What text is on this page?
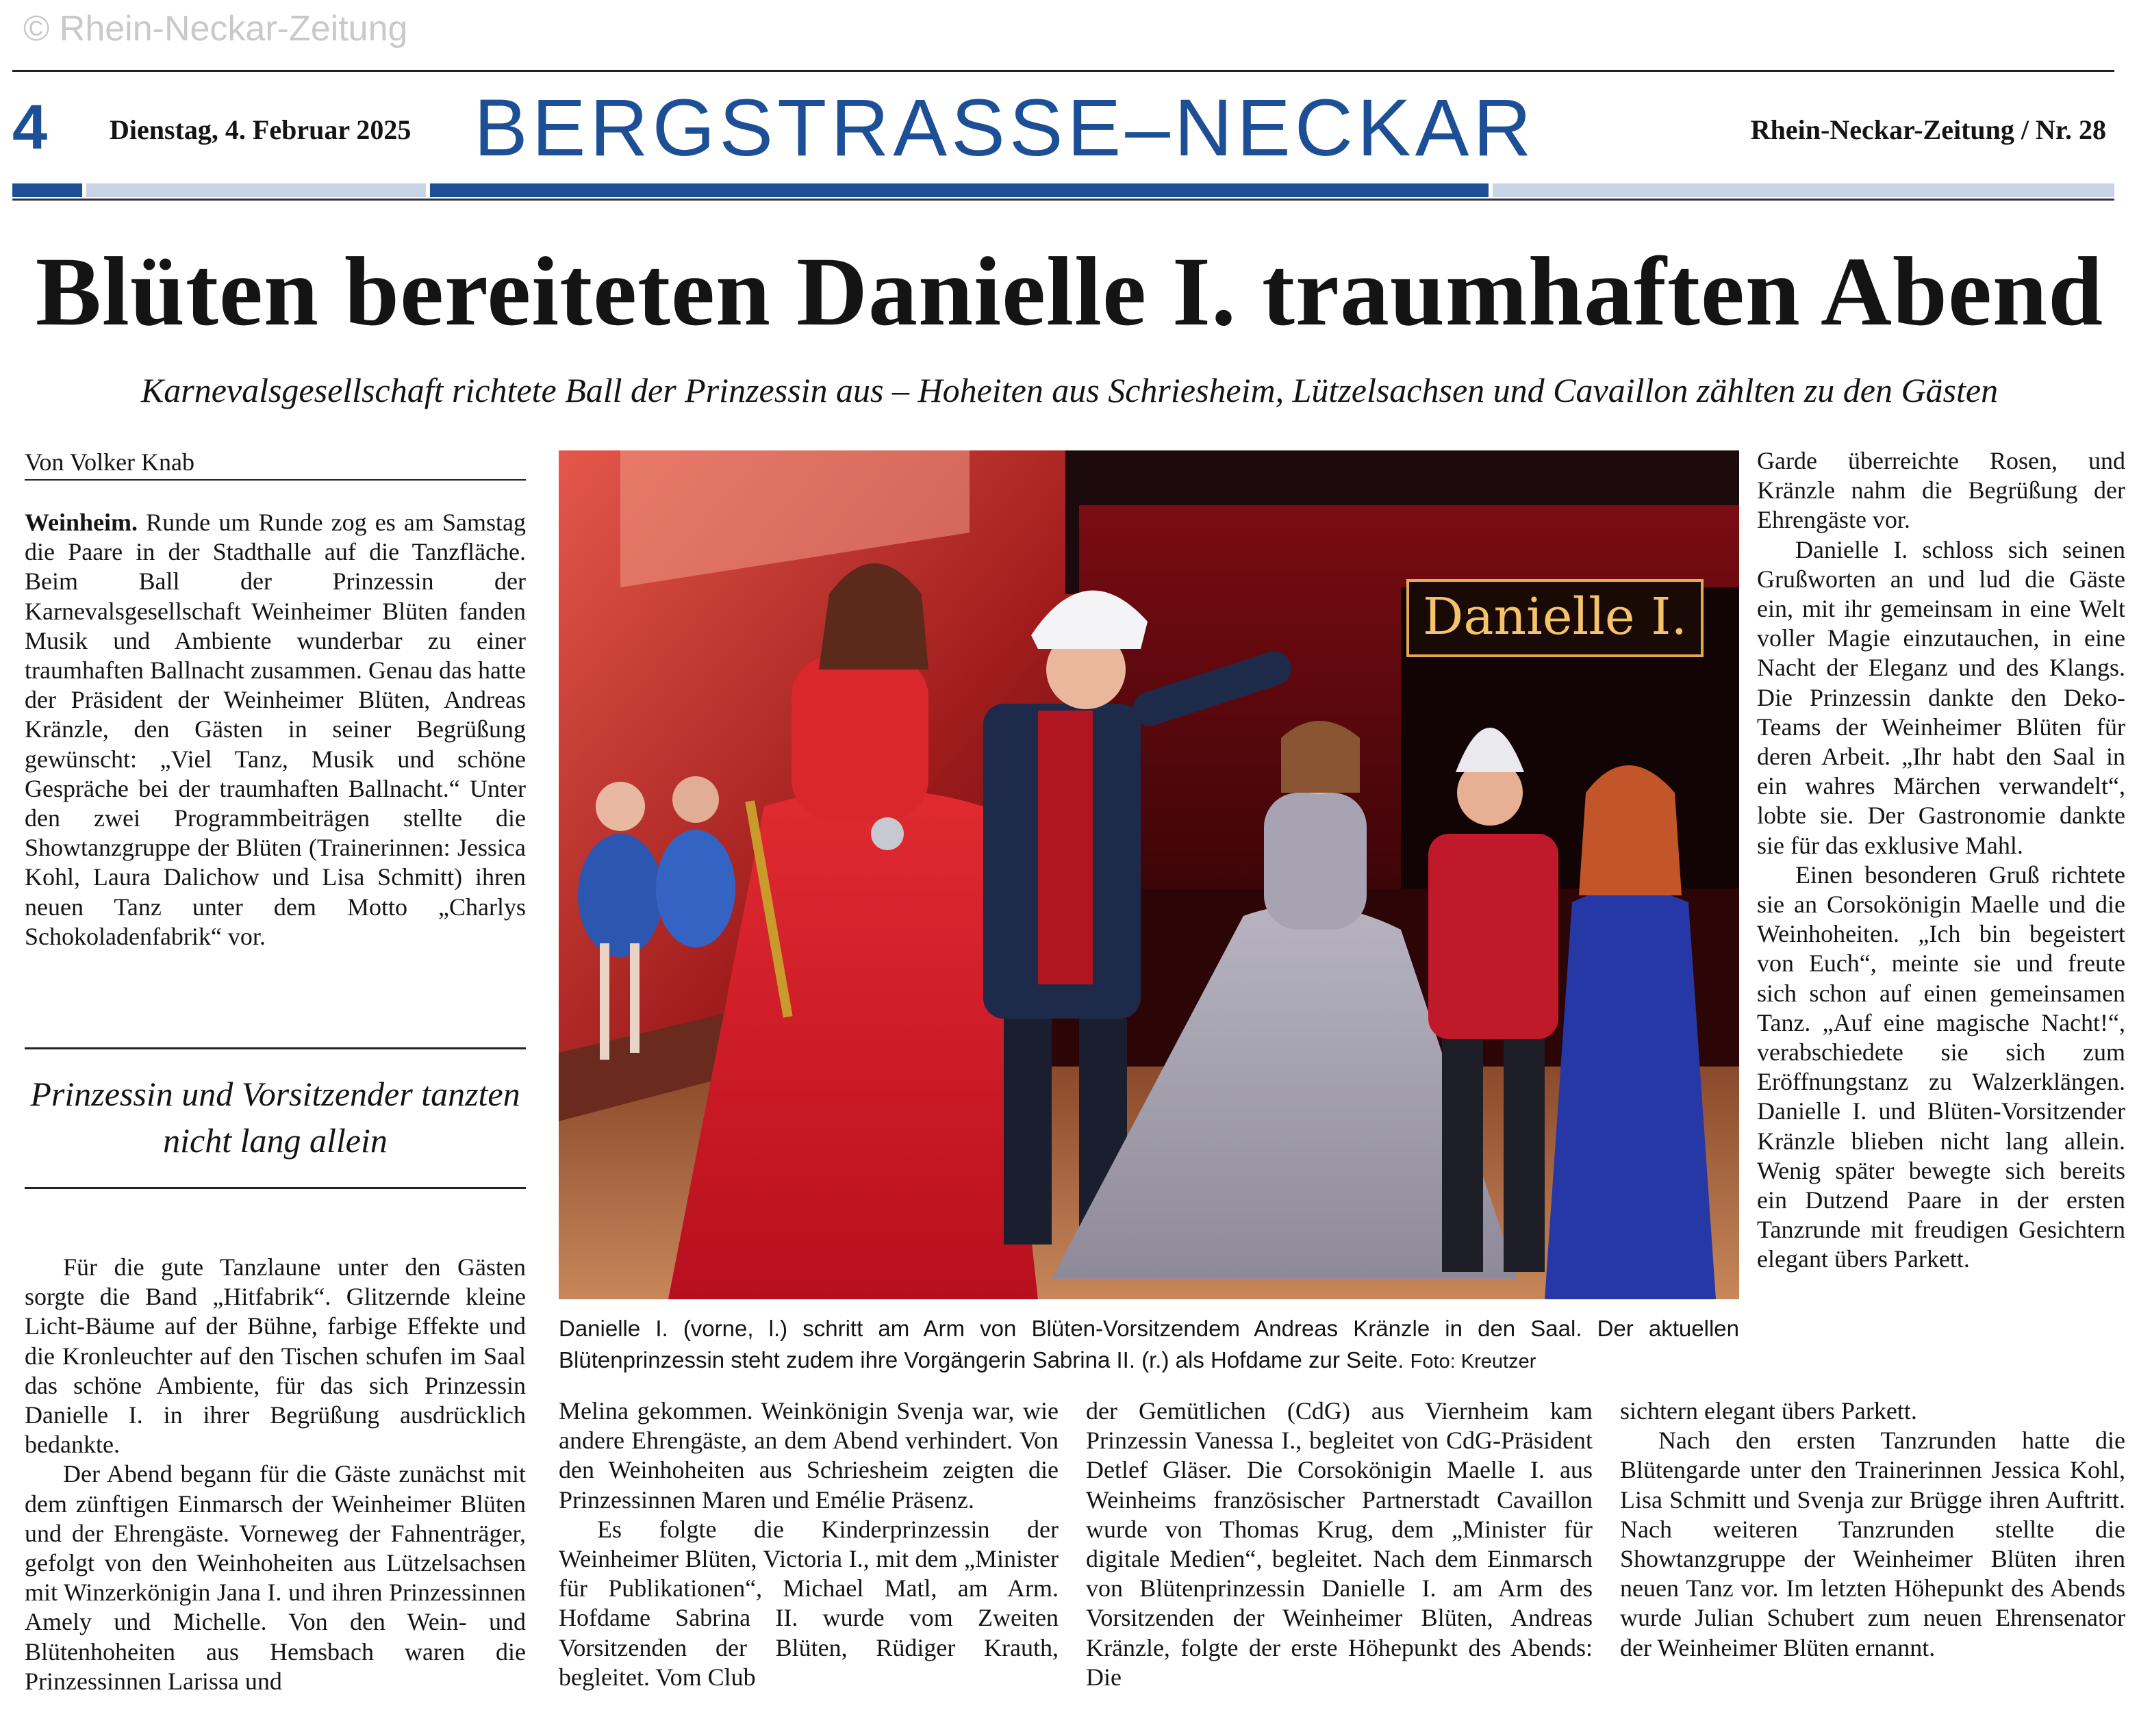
© Rhein-Neckar-Zeitung
4 Dienstag, 4. Februar 2025 BERGSTRASSE–NECKAR	Rhein-Neckar-Zeitung / Nr. 28
Blüten bereiteten Danielle I. traumhaften Abend
Karnevalsgesellschaft richtete Ball der Prinzessin aus – Hoheiten aus Schriesheim, Lützelsachsen und Cavaillon zählten zu den Gästen
Von Volker Knab

Weinheim. Runde um Runde zog es am Samstag die Paare in der Stadthalle auf die Tanzfläche. Beim Ball der Prinzessin der Karnevalsgesellschaft Weinheimer Blüten fanden Musik und Ambiente wunderbar zu einer traumhaften Ballnacht zusammen. Genau das hatte der Präsident der Weinheimer Blüten, Andreas Kränzle, den Gästen in seiner Begrüßung gewünscht: „Viel Tanz, Musik und schöne Gespräche bei der traumhaften Ballnacht.“ Unter den zwei Programmbeiträgen stellte die Showtanzgruppe der Blüten (Trainerinnen: Jessica Kohl, Laura Dalichow und Lisa Schmitt) ihren neuen Tanz unter dem Motto „Charlys Schokoladenfabrik“ vor.

Prinzessin und Vorsitzender tanzten nicht lang allein

Für die gute Tanzlaune unter den Gästen sorgte die Band „Hitfabrik“. Glitzernde kleine Licht-Bäume auf der Bühne, farbige Effekte und die Kronleuchter auf den Tischen schufen im Saal das schöne Ambiente, für das sich Prinzessin Danielle I. in ihrer Begrüßung ausdrücklich bedankte.

Der Abend begann für die Gäste zunächst mit dem zünftigen Einmarsch der Weinheimer Blüten und der Ehrengäste. Vorneweg der Fahnenträger, gefolgt von den Weinhoheiten aus Lützelsachsen mit Winzerkönigin Jana I. und ihren Prinzessinnen Amely und Michelle. Von den Wein- und Blütenhoheiten aus Hemsbach waren die Prinzessinnen Larissa und

Danielle I.
Danielle I. (vorne, l.) schritt am Arm von Blüten-Vorsitzendem Andreas Kränzle in den Saal. Der aktuellen Blütenprinzessin steht zudem ihre Vorgängerin Sabrina II. (r.) als Hofdame zur Seite. Foto: Kreutzer

Melina gekommen. Weinkönigin Svenja war, wie andere Ehrengäste, an dem Abend verhindert. Von den Weinhoheiten aus Schriesheim zeigten die Prinzessinnen Maren und Emélie Präsenz.

Es folgte die Kinderprinzessin der Weinheimer Blüten, Victoria I., mit dem „Minister für Publikationen“, Michael Matl, am Arm. Hofdame Sabrina II. wurde vom Zweiten Vorsitzenden der Blüten, Rüdiger Krauth, begleitet. Vom Club

der Gemütlichen (CdG) aus Viernheim kam Prinzessin Vanessa I., begleitet von CdG-Präsident Detlef Gläser. Die Corsokönigin Maelle I. aus Weinheims französischer Partnerstadt Cavaillon wurde von Thomas Krug, dem „Minister für digitale Medien“, begleitet. Nach dem Einmarsch von Blütenprinzessin Danielle I. am Arm des Vorsitzenden der Weinheimer Blüten, Andreas Kränzle, folgte der erste Höhepunkt des Abends: Die

Garde überreichte Rosen, und Kränzle nahm die Begrüßung der Ehrengäste vor.

Danielle I. schloss sich seinen Grußworten an und lud die Gäste ein, mit ihr gemeinsam in eine Welt voller Magie einzutauchen, in eine Nacht der Eleganz und des Klangs. Die Prinzessin dankte den Deko-Teams der Weinheimer Blüten für deren Arbeit. „Ihr habt den Saal in ein wahres Märchen verwandelt“, lobte sie. Der Gastronomie dankte sie für das exklusive Mahl.

Einen besonderen Gruß richtete sie an Corsokönigin Maelle und die Weinhoheiten. „Ich bin begeistert von Euch“, meinte sie und freute sich schon auf einen gemeinsamen Tanz. „Auf eine magische Nacht!“, verabschiedete sie sich zum Eröffnungstanz zu Walzerklängen. Danielle I. und Blüten-Vorsitzender Kränzle blieben nicht lang allein. Wenig später bewegte sich bereits ein Dutzend Paare in der ersten Tanzrunde mit freudigen Gesichtern elegant übers Parkett.

sichtern elegant übers Parkett.

Nach den ersten Tanzrunden hatte die Blütengarde unter den Trainerinnen Jessica Kohl, Lisa Schmitt und Svenja zur Brügge ihren Auftritt. Nach weiteren Tanzrunden stellte die Showtanzgruppe der Weinheimer Blüten ihren neuen Tanz vor. Im letzten Höhepunkt des Abends wurde Julian Schubert zum neuen Ehrensenator der Weinheimer Blüten ernannt.
